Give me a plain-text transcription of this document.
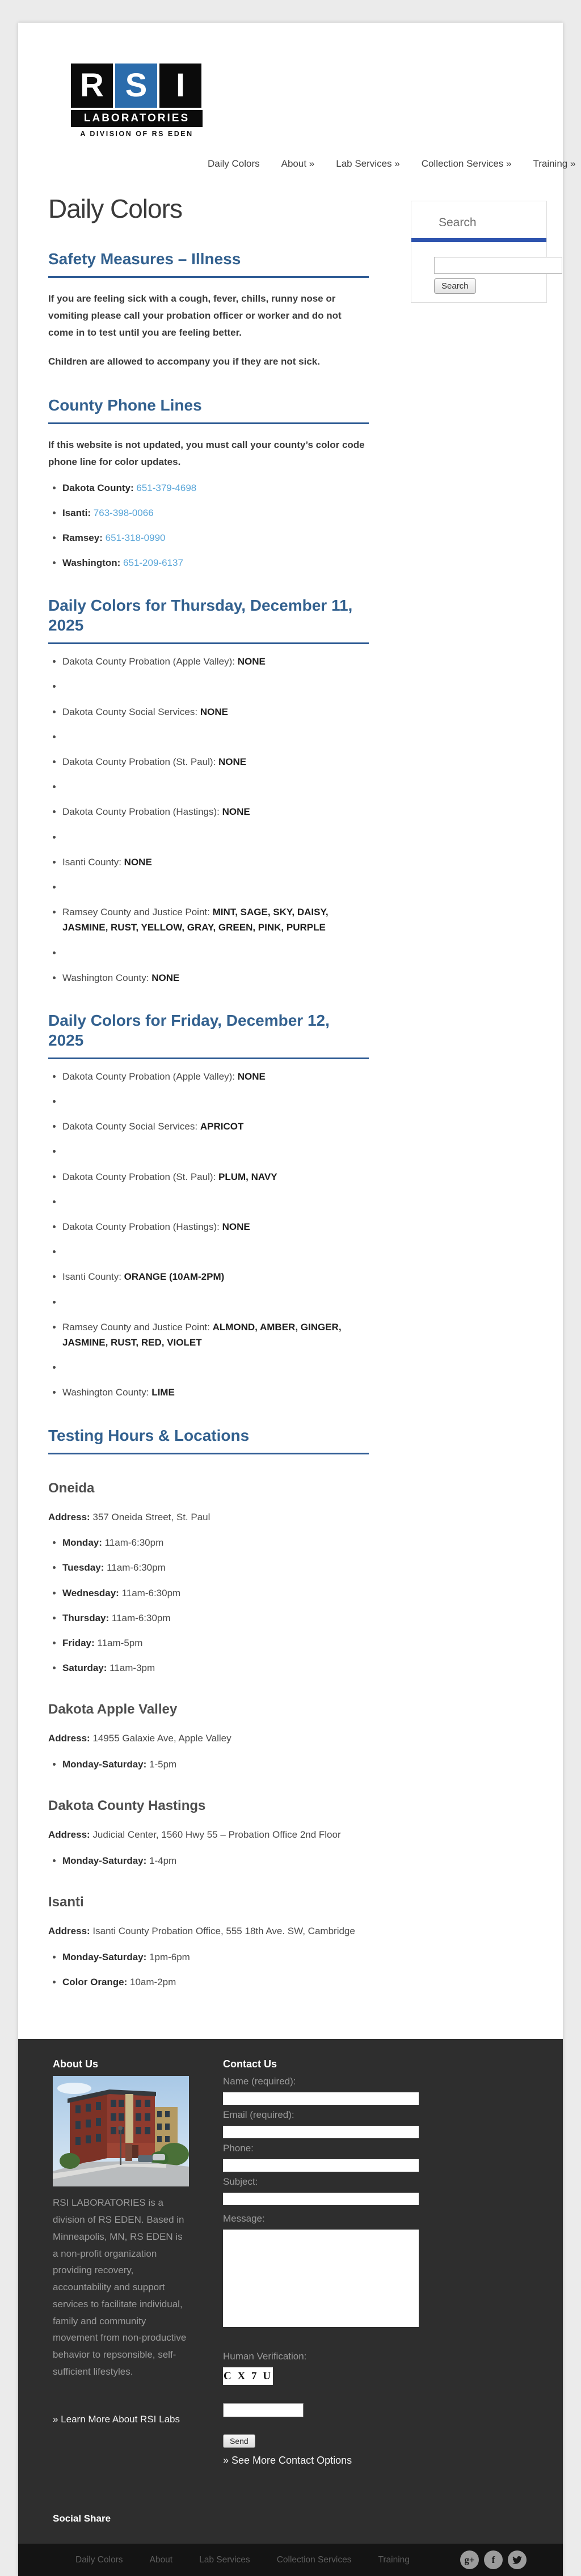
R S I
LABORATORIES
A DIVISION OF RS EDEN
Daily Colors About » Lab Services » Collection Services » Training »
Daily Colors
Safety Measures – Illness

If you are feeling sick with a cough, fever, chills, runny nose or vomiting please call your probation officer or worker and do not come in to test until you are feeling better.

Children are allowed to accompany you if they are not sick.

County Phone Lines

If this website is not updated, you must call your county’s color code phone line for color updates.

• Dakota County: 651-379-4698
• Isanti: 763-398-0066
• Ramsey: 651-318-0990
• Washington: 651-209-6137
Daily Colors for Thursday, December 11, 2025
• Dakota County Probation (Apple Valley): NONE
•
• Dakota County Social Services: NONE
•
• Dakota County Probation (St. Paul): NONE
•
• Dakota County Probation (Hastings): NONE
•
• Isanti County: NONE
•
• Ramsey County and Justice Point: MINT, SAGE, SKY, DAISY, JASMINE, RUST, YELLOW, GRAY, GREEN, PINK, PURPLE
•
• Washington County: NONE
Daily Colors for Friday, December 12, 2025
• Dakota County Probation (Apple Valley): NONE
•
• Dakota County Social Services: APRICOT
•
• Dakota County Probation (St. Paul): PLUM, NAVY
•
• Dakota County Probation (Hastings): NONE
•
• Isanti County: ORANGE (10AM-2PM)
•
• Ramsey County and Justice Point: ALMOND, AMBER, GINGER, JASMINE, RUST, RED, VIOLET
•
• Washington County: LIME
Testing Hours & Locations
Oneida

Address: 357 Oneida Street, St. Paul

• Monday: 11am-6:30pm
• Tuesday: 11am-6:30pm
• Wednesday: 11am-6:30pm
• Thursday: 11am-6:30pm
• Friday: 11am-5pm
• Saturday: 11am-3pm
Dakota Apple Valley

Address: 14955 Galaxie Ave, Apple Valley

• Monday-Saturday: 1-5pm
Dakota County Hastings

Address: Judicial Center, 1560 Hwy 55 – Probation Office 2nd Floor

• Monday-Saturday: 1-4pm
Isanti

Address: Isanti County Probation Office, 555 18th Ave. SW, Cambridge

• Monday-Saturday: 1pm-6pm
• Color Orange: 10am-2pm
Search
Search
About Us
RSI LABORATORIES is a division of RS EDEN. Based in Minneapolis, MN, RS EDEN is a non-profit organization providing recovery, accountability and support services to facilitate individual, family and community movement from non-productive behavior to repsonsible, self-sufficient lifestyles.
» Learn More About RSI Labs
Contact Us
Name (required):
Email (required):
Phone:
Subject:
Message:
Human Verification:
C X 7 U
Send
» See More Contact Options
Social Share
Daily Colors	About	Lab Services	Collection Services	Training	g+	f
